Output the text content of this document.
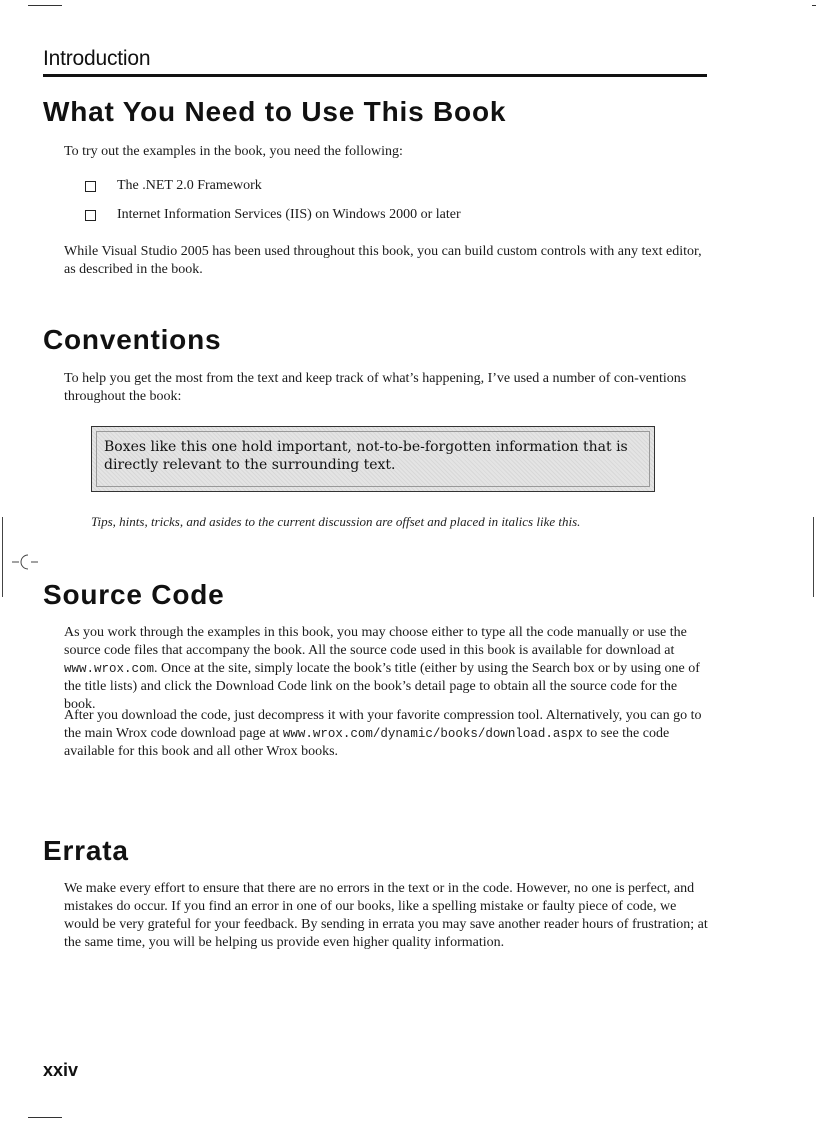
Introduction
What You Need to Use This Book

To try out the examples in the book, you need the following:

The .NET 2.0 Framework
Internet Information Services (IIS) on Windows 2000 or later

While Visual Studio 2005 has been used throughout this book, you can build custom controls with any text editor, as described in the book.

Conventions

To help you get the most from the text and keep track of what’s happening, I’ve used a number of con-ventions throughout the book:

Boxes like this one hold important, not-to-be-forgotten information that is directly relevant to the surrounding text.

Tips, hints, tricks, and asides to the current discussion are offset and placed in italics like this.

Source Code

As you work through the examples in this book, you may choose either to type all the code manually or use the source code files that accompany the book. All the source code used in this book is available for download at www.wrox.com. Once at the site, simply locate the book’s title (either by using the Search box or by using one of the title lists) and click the Download Code link on the book’s detail page to obtain all the source code for the book.

After you download the code, just decompress it with your favorite compression tool. Alternatively, you can go to the main Wrox code download page at www.wrox.com/dynamic/books/download.aspx to see the code available for this book and all other Wrox books.

Errata

We make every effort to ensure that there are no errors in the text or in the code. However, no one is perfect, and mistakes do occur. If you find an error in one of our books, like a spelling mistake or faulty piece of code, we would be very grateful for your feedback. By sending in errata you may save another reader hours of frustration; at the same time, you will be helping us provide even higher quality information.

xxiv
